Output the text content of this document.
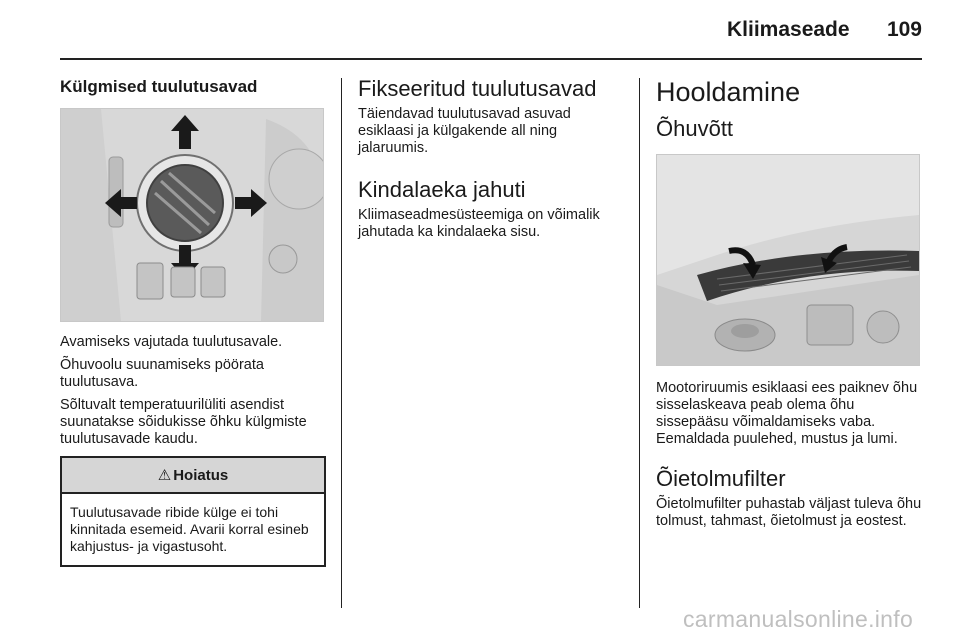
Kliimaseade	109
Külgmised tuulutusavad
Avamiseks vajutada tuulutusavale.
Õhuvoolu suunamiseks pöörata tuulutusava.
Sõltuvalt temperatuurilüliti asendist suunatakse sõidukisse õhku külgmiste tuulutusavade kaudu.
⚠ Hoiatus
Tuulutusavade ribide külge ei tohi kinnitada esemeid. Avarii korral esineb kahjustus- ja vigastusoht.
Fikseeritud tuulutusavad
Täiendavad tuulutusavad asuvad esiklaasi ja külgakende all ning jalaruumis.
Kindalaeka jahuti
Kliimaseadmesüsteemiga on võimalik jahutada ka kindalaeka sisu.
Hooldamine
Õhuvõtt
Mootoriruumis esiklaasi ees paiknev õhu sisselaskeava peab olema õhu sissepääsu võimaldamiseks vaba. Eemaldada puulehed, mustus ja lumi.
Õietolmufilter
Õietolmufilter puhastab väljast tuleva õhu tolmust, tahmast, õietolmust ja eostest.
carmanualsonline.info
